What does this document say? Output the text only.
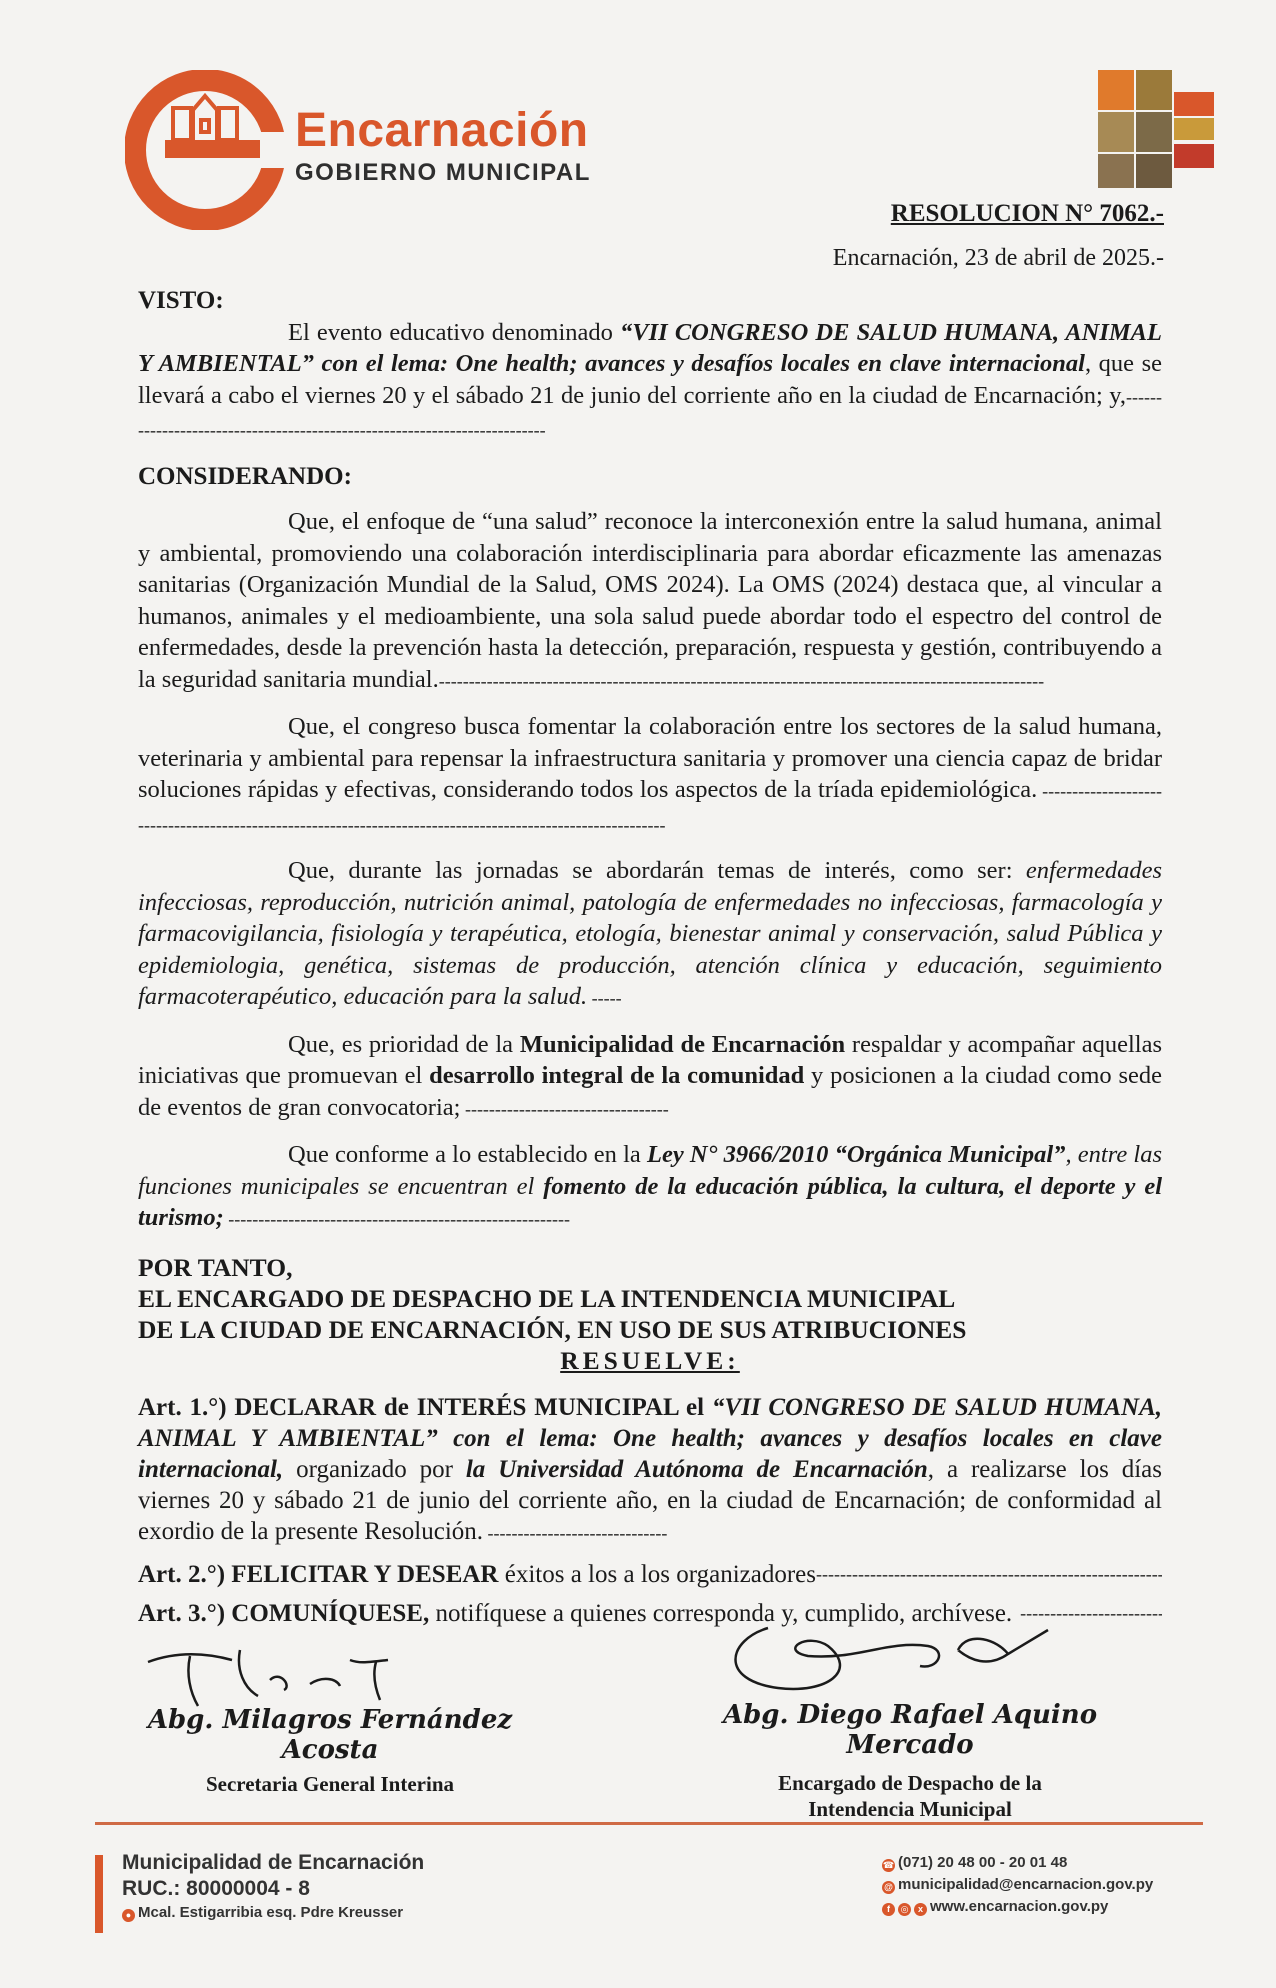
Encarnación
GOBIERNO MUNICIPAL
RESOLUCION N° 7062.-
Encarnación, 23 de abril de 2025.-

VISTO:

El evento educativo denominado “VII CONGRESO DE SALUD HUMANA, ANIMAL Y AMBIENTAL” con el lema: One health; avances y desafíos locales en clave internacional, que se llevará a cabo el viernes 20 y el sábado 21 de junio del corriente año en la ciudad de Encarnación; y,--------------------------------------------------------------------------

CONSIDERANDO:

Que, el enfoque de “una salud” reconoce la interconexión entre la salud humana, animal y ambiental, promoviendo una colaboración interdisciplinaria para abordar eficazmente las amenazas sanitarias (Organización Mundial de la Salud, OMS 2024). La OMS (2024) destaca que, al vincular a humanos, animales y el medioambiente, una sola salud puede abordar todo el espectro del control de enfermedades, desde la prevención hasta la detección, preparación, respuesta y gestión, contribuyendo a la seguridad sanitaria mundial.-----------------------------------------------------------------------------------------------------

Que, el congreso busca fomentar la colaboración entre los sectores de la salud humana, veterinaria y ambiental para repensar la infraestructura sanitaria y promover una ciencia capaz de bridar soluciones rápidas y efectivas, considerando todos los aspectos de la tríada epidemiológica. ------------------------------------------------------------------------------------------------------------

Que, durante las jornadas se abordarán temas de interés, como ser: enfermedades infecciosas, reproducción, nutrición animal, patología de enfermedades no infecciosas, farmacología y farmacovigilancia, fisiología y terapéutica, etología, bienestar animal y conservación, salud Pública y epidemiologia, genética, sistemas de producción, atención clínica y educación, seguimiento farmacoterapéutico, educación para la salud. -----

Que, es prioridad de la Municipalidad de Encarnación respaldar y acompañar aquellas iniciativas que promuevan el desarrollo integral de la comunidad y posicionen a la ciudad como sede de eventos de gran convocatoria; ----------------------------------

Que conforme a lo establecido en la Ley N° 3966/2010 “Orgánica Municipal”, entre las funciones municipales se encuentran el fomento de la educación pública, la cultura, el deporte y el turismo; ---------------------------------------------------------

POR TANTO,
EL ENCARGADO DE DESPACHO DE LA INTENDENCIA MUNICIPAL
DE LA CIUDAD DE ENCARNACIÓN, EN USO DE SUS ATRIBUCIONES
RESUELVE:

Art. 1.°) DECLARAR de INTERÉS MUNICIPAL el “VII CONGRESO DE SALUD HUMANA, ANIMAL Y AMBIENTAL” con el lema: One health; avances y desafíos locales en clave internacional, organizado por la Universidad Autónoma de Encarnación, a realizarse los días viernes 20 y sábado 21 de junio del corriente año, en la ciudad de Encarnación; de conformidad al exordio de la presente Resolución. ------------------------------

Art. 2.°) FELICITAR Y DESEAR éxitos a los a los organizadores
-----
Art. 3.°) COMUNÍQUESE, notifíquese a quienes corresponda y, cumplido, archívese.
-----
Abg. Milagros Fernández Acosta
Secretaria General Interina
Abg. Diego Rafael Aquino Mercado
Encargado de Despacho de la
Intendencia Municipal
Municipalidad de Encarnación
RUC.: 80000004 - 8
● Mcal. Estigarribia esq. Pdre Kreusser
☎ (071) 20 48 00 - 20 01 48
@ municipalidad@encarnacion.gov.py
f ◎ x www.encarnacion.gov.py
